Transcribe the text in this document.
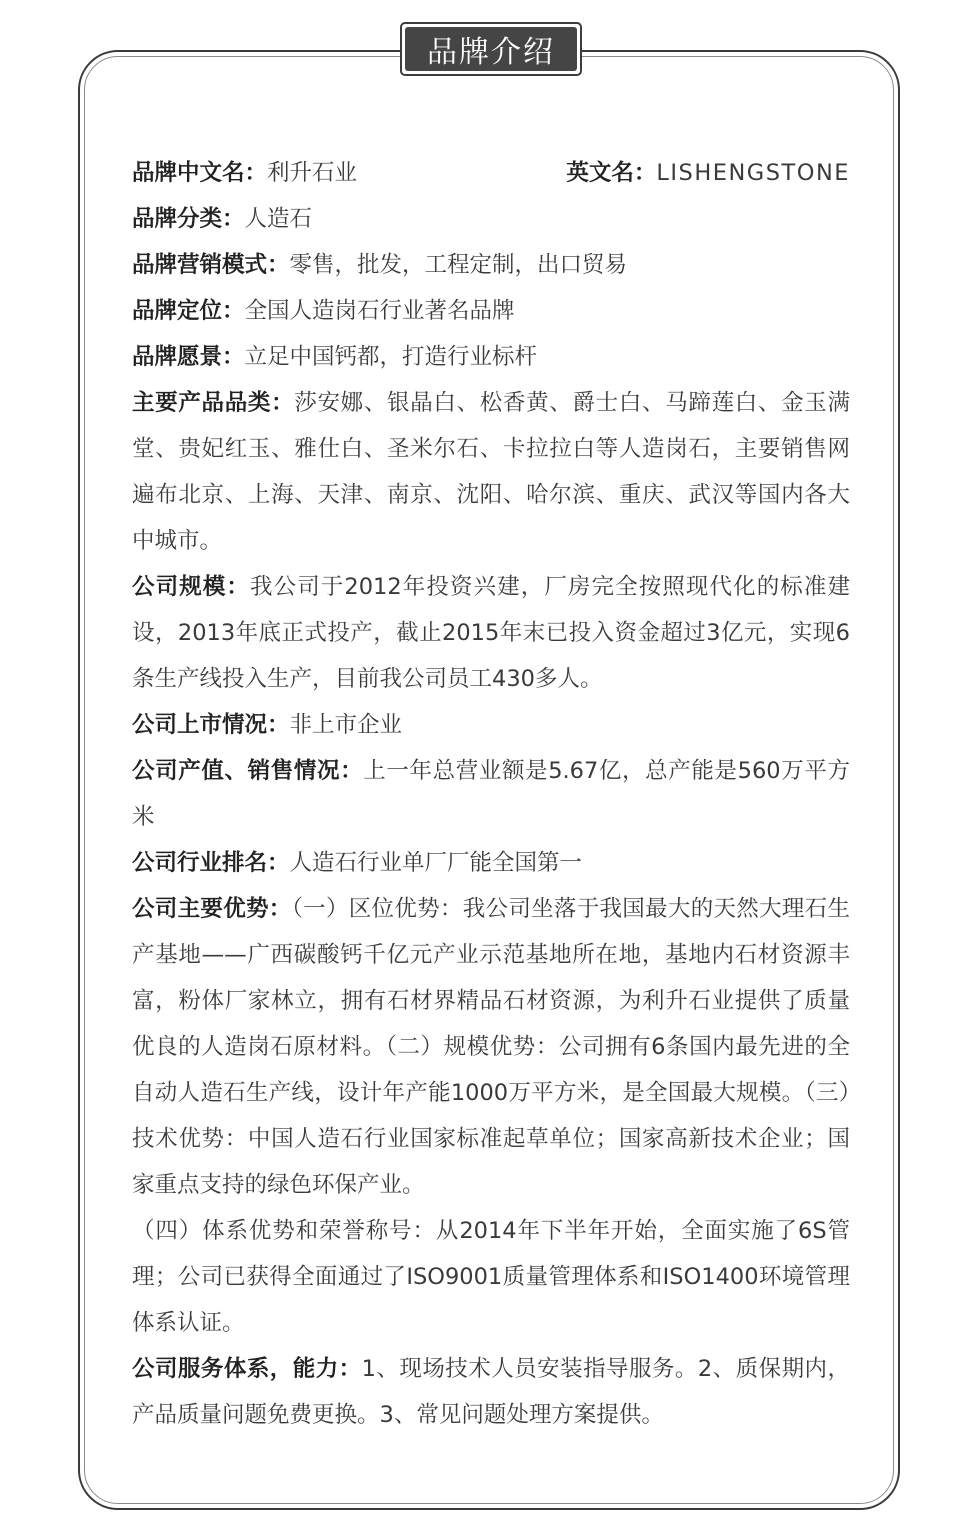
品牌介绍

品牌中文名：利升石业	英文名：LISHENGSTONE

品牌分类：人造石

品牌营销模式：零售，批发，工程定制，出口贸易

品牌定位：全国人造岗石行业著名品牌

品牌愿景：立足中国钙都，打造行业标杆

主要产品品类：莎安娜、银晶白、松香黄、爵士白、马蹄莲白、金玉满堂、贵妃红玉、雅仕白、圣米尔石、卡拉拉白等人造岗石，主要销售网遍布北京、上海、天津、南京、沈阳、哈尔滨、重庆、武汉等国内各大中城市。

公司规模：我公司于2012年投资兴建，厂房完全按照现代化的标准建设，2013年底正式投产，截止2015年末已投入资金超过3亿元，实现6条生产线投入生产，目前我公司员工430多人。

公司上市情况：非上市企业

公司产值、销售情况：上一年总营业额是5.67亿，总产能是560万平方米

公司行业排名：人造石行业单厂厂能全国第一

公司主要优势：（一）区位优势：我公司坐落于我国最大的天然大理石生产基地——广西碳酸钙千亿元产业示范基地所在地，基地内石材资源丰富，粉体厂家林立，拥有石材界精品石材资源，为利升石业提供了质量优良的人造岗石原材料。（二）规模优势：公司拥有6条国内最先进的全自动人造石生产线，设计年产能1000万平方米，是全国最大规模。（三）技术优势：中国人造石行业国家标准起草单位；国家高新技术企业；国家重点支持的绿色环保产业。

（四）体系优势和荣誉称号：从2014年下半年开始，全面实施了6S管理；公司已获得全面通过了ISO9001质量管理体系和ISO1400环境管理体系认证。

公司服务体系，能力：1、现场技术人员安装指导服务。2、质保期内，产品质量问题免费更换。3、常见问题处理方案提供。
